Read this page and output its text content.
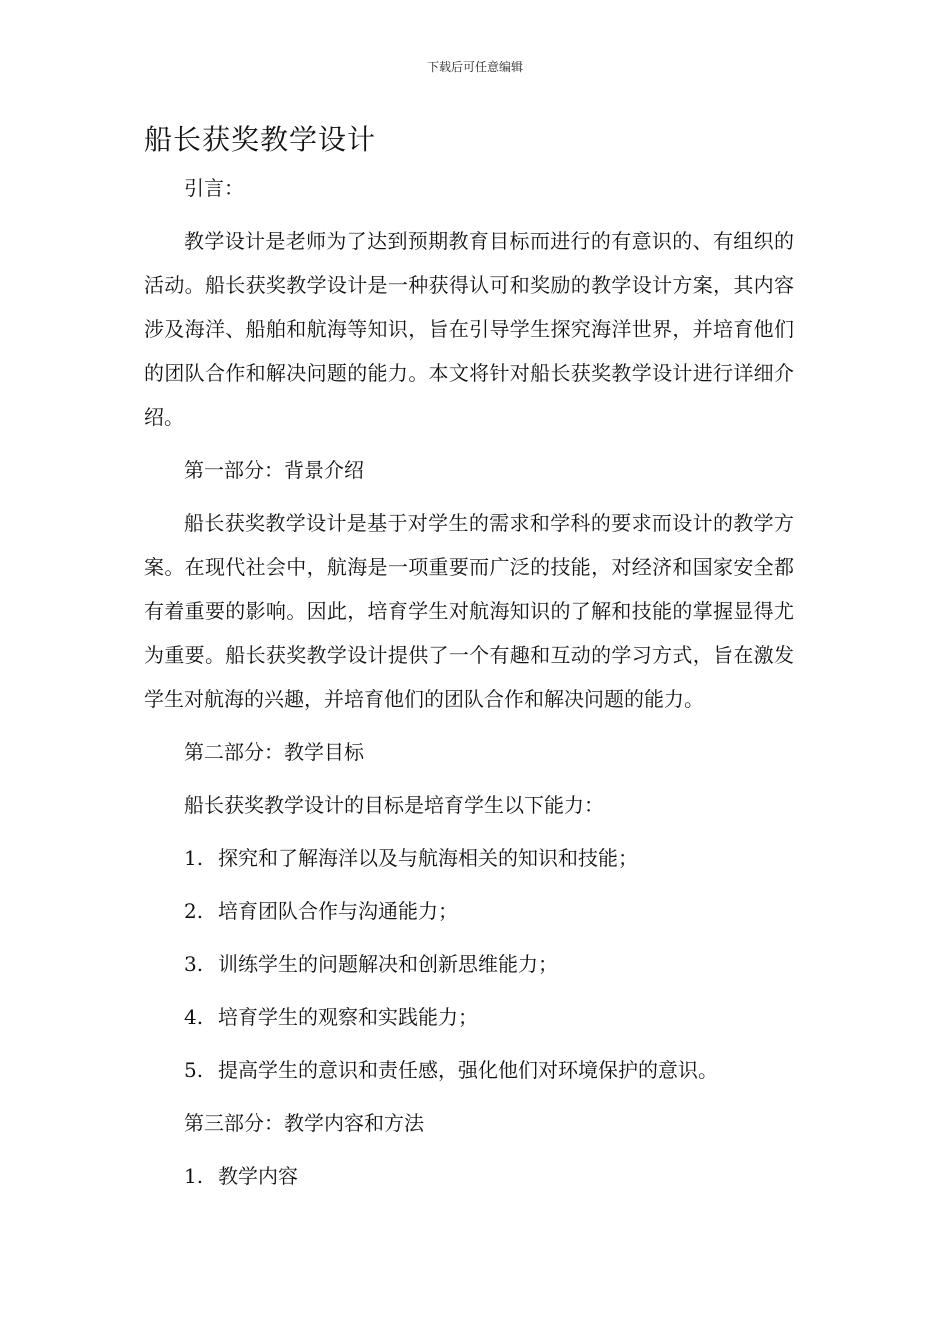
下载后可任意编辑
船长获奖教学设计
引言：
教学设计是老师为了达到预期教育目标而进行的有意识的、有组织的活动。船长获奖教学设计是一种获得认可和奖励的教学设计方案，其内容涉及海洋、船舶和航海等知识，旨在引导学生探究海洋世界，并培育他们的团队合作和解决问题的能力。本文将针对船长获奖教学设计进行详细介绍。
第一部分：背景介绍
船长获奖教学设计是基于对学生的需求和学科的要求而设计的教学方案。在现代社会中，航海是一项重要而广泛的技能，对经济和国家安全都有着重要的影响。因此，培育学生对航海知识的了解和技能的掌握显得尤为重要。船长获奖教学设计提供了一个有趣和互动的学习方式，旨在激发学生对航海的兴趣，并培育他们的团队合作和解决问题的能力。
第二部分：教学目标
船长获奖教学设计的目标是培育学生以下能力：
1. 探究和了解海洋以及与航海相关的知识和技能；
2. 培育团队合作与沟通能力；
3. 训练学生的问题解决和创新思维能力；
4. 培育学生的观察和实践能力；
5. 提高学生的意识和责任感，强化他们对环境保护的意识。
第三部分：教学内容和方法
1. 教学内容
